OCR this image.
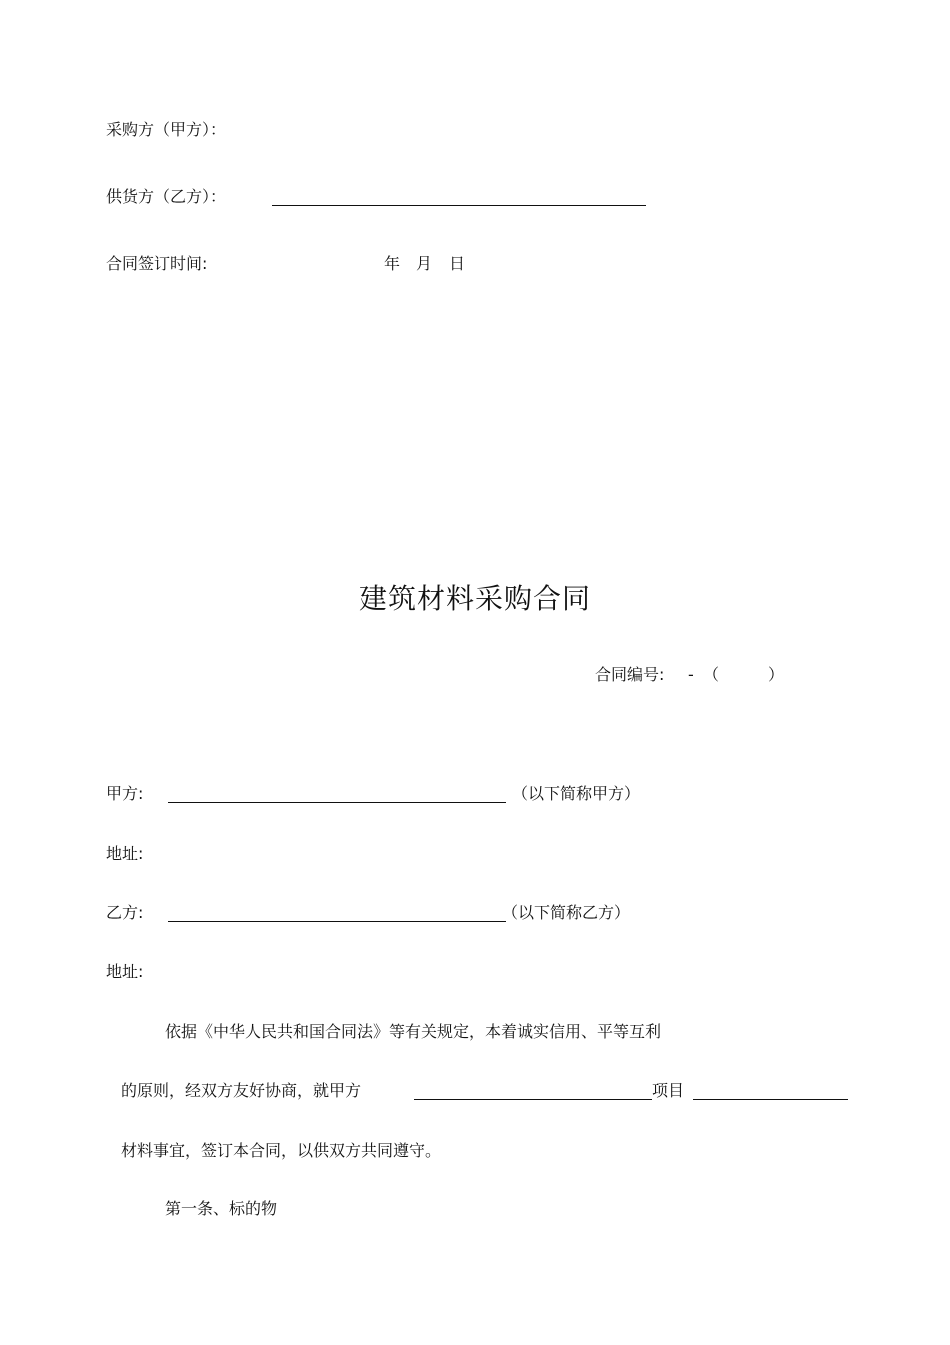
采购方（甲方）：
供货方（乙方）：
合同签订时间:	年 月 日
建筑材料采购合同
合同编号: - （	）
甲方:	（以下简称甲方）
地址:
乙方:	（以下简称乙方）
地址:
依据《中华人民共和国合同法》等有关规定，本着诚实信用、平等互利
的原则，经双方友好协商，就甲方	项目
材料事宜，签订本合同，以供双方共同遵守。
第一条、标的物
